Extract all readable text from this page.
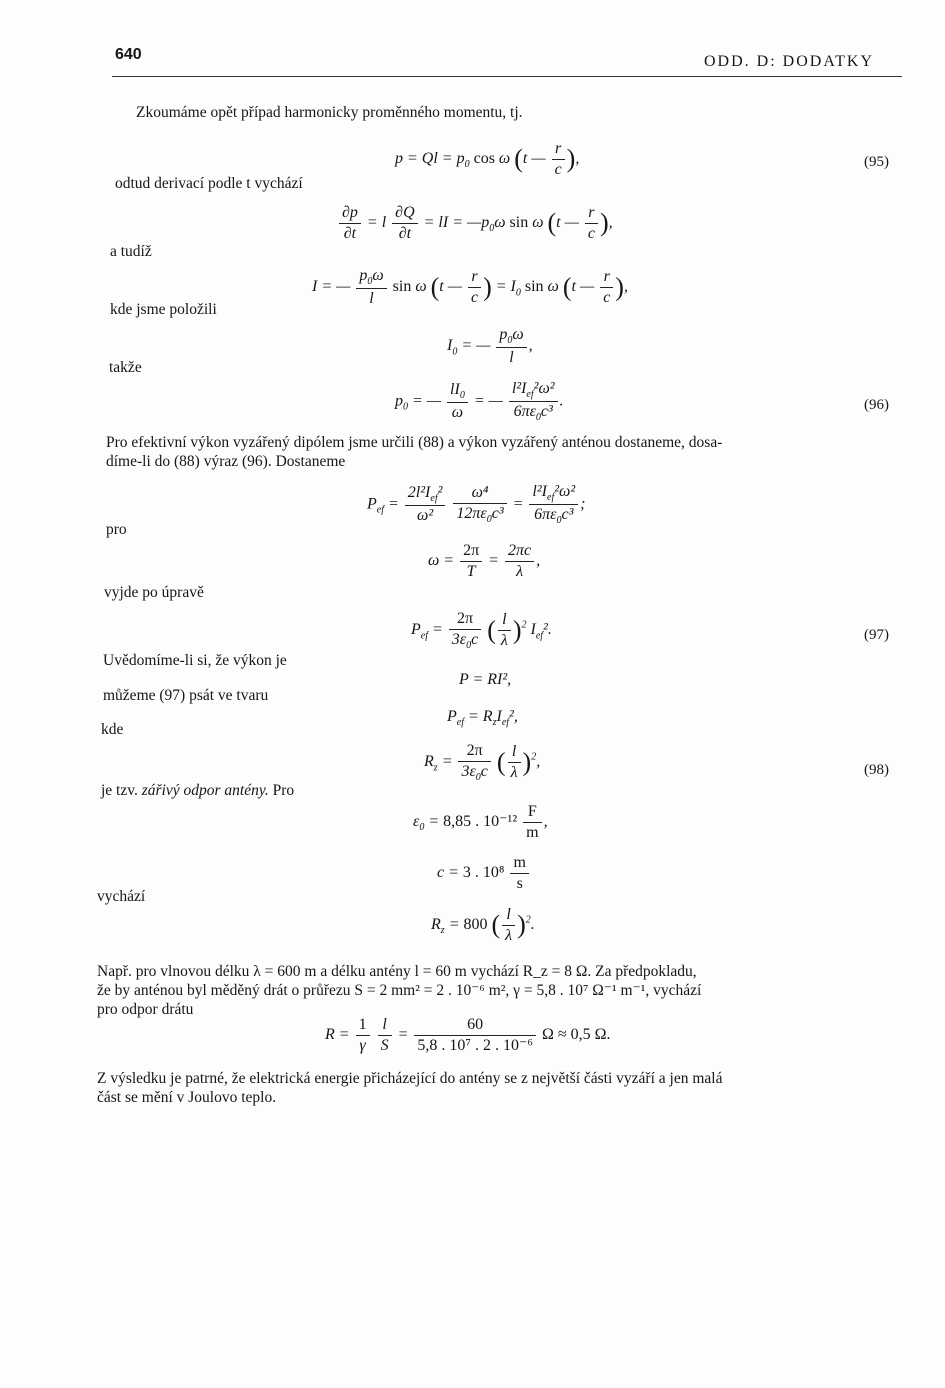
640	ODD. D: DODATKY
Zkoumáme opět případ harmonicky proměnného momentu, tj.
$p = Ql = p_0$ cos ω (t — $\frac{r}{c}$ ),	(95)
odtud derivací podle t vychází
$\frac{\partial p}{\partial t} = l \frac{\partial Q}{\partial t}$ = lI = $—p_0\omega$ sin ω (t — $\frac{r}{c}$ ),
a tudíž
I = — $\frac{p_0\omega}{l}$ sin ω (t — $\frac{r}{c}$ ) = $I_0$ sin ω (t — $\frac{r}{c}$ ),
kde jsme položili
$I_0$ = — $\frac{p_0\omega}{l}$ ,
takže
$p_0$ = — $\frac{lI_0}{\omega}$ = — $\frac{l^2I_{ef}^2\omega^2}{6\pi\varepsilon_0c^3}$ .	(96)
Pro efektivní výkon vyzářený dipólem jsme určili (88) a výkon vyzářený anténou dostaneme, dosa-
díme-li do (88) výraz (96). Dostaneme
$P_{ef} = \frac{2l^2I_{ef}^2}{\text{ω²}}$
$\frac{\text{ω⁴}}{12\pi\varepsilon_0c^3} = \frac{l^2I_{ef}^2\omega^2}{6\pi\varepsilon_0c^3}$ ;
pro
$\omega = \frac{2\pi}{T} = \frac{2\pi c}{\lambda}$ ,
vyjde po úpravě
$P_{ef} = \frac{2\pi}{3\varepsilon_0c}$ ( $\frac{l}{\lambda} )^2$ $I_{ef}^2$.	(97)
Uvědomíme-li si, že výkon je
P = RI²,
můžeme (97) psát ve tvaru
$P_{ef} = R_zI_{ef}^2$,
kde
$R_z = \frac{2\pi}{3\varepsilon_0c}$ ( $\frac{l}{\lambda} )^2$,	(98)
je tzv. zářivý odpor antény. Pro
$\varepsilon_0 = 8,85$ . $10^{-12} \frac{F}{m}$ ,
c = 3 . $10^8 \frac{m}{s}$
vychází
$R_z = 800$ ( $\frac{l}{\lambda} )^2$.
Např. pro vlnovou délku λ = 600 m a délku antény l = 60 m vychází R_z = 8 Ω. Za předpokladu,
že by anténou byl měděný drát o průřezu S = 2 mm² = 2 . 10⁻⁶ m², γ = 5,8 . 10⁷ Ω⁻¹ m⁻¹, vychází
pro odpor drátu
$R = \frac{1}{\gamma}$
$\frac{l}{S} = \frac{60}{\text{5,8 . 10⁷ . 2 . 10⁻⁶}}$ Ω ≈ 0,5 Ω.
Z výsledku je patrné, že elektrická energie přicházející do antény se z největší části vyzáří a jen malá
část se mění v Joulovo teplo.
